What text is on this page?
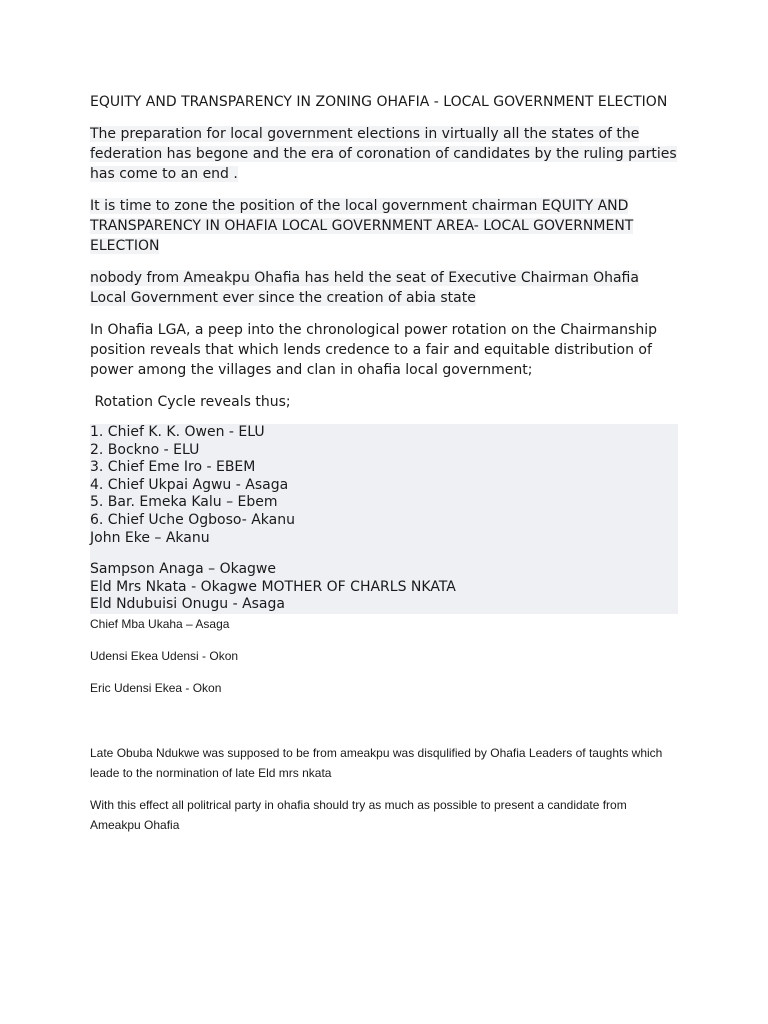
EQUITY AND TRANSPARENCY IN ZONING OHAFIA - LOCAL GOVERNMENT ELECTION

The preparation for local government elections in virtually all the states of the federation has begone and the era of coronation of candidates by the ruling parties has come to an end .

It is time to zone the position of the local government chairman EQUITY AND TRANSPARENCY IN OHAFIA LOCAL GOVERNMENT AREA- LOCAL GOVERNMENT ELECTION

nobody from Ameakpu Ohafia has held the seat of Executive Chairman Ohafia Local Government ever since the creation of abia state

In Ohafia LGA, a peep into the chronological power rotation on the Chairmanship position reveals that which lends credence to a fair and equitable distribution of power among the villages and clan in ohafia local government;

Rotation Cycle reveals thus;

1. Chief K. K. Owen - ELU
2. Bockno - ELU
3. Chief Eme Iro - EBEM
4. Chief Ukpai Agwu - Asaga
5. Bar. Emeka Kalu – Ebem
6. Chief Uche Ogboso- Akanu
John Eke – Akanu
Sampson Anaga – Okagwe
Eld Mrs Nkata - Okagwe MOTHER OF CHARLS NKATA
Eld Ndubuisi Onugu - Asaga

Chief Mba Ukaha – Asaga

Udensi Ekea Udensi - Okon

Eric Udensi Ekea - Okon

Late Obuba Ndukwe was supposed to be from ameakpu was disqulified by Ohafia Leaders of taughts which leade to the normination of late Eld mrs nkata

With this effect all politrical party in ohafia should try as much as possible to present a candidate from Ameakpu Ohafia
